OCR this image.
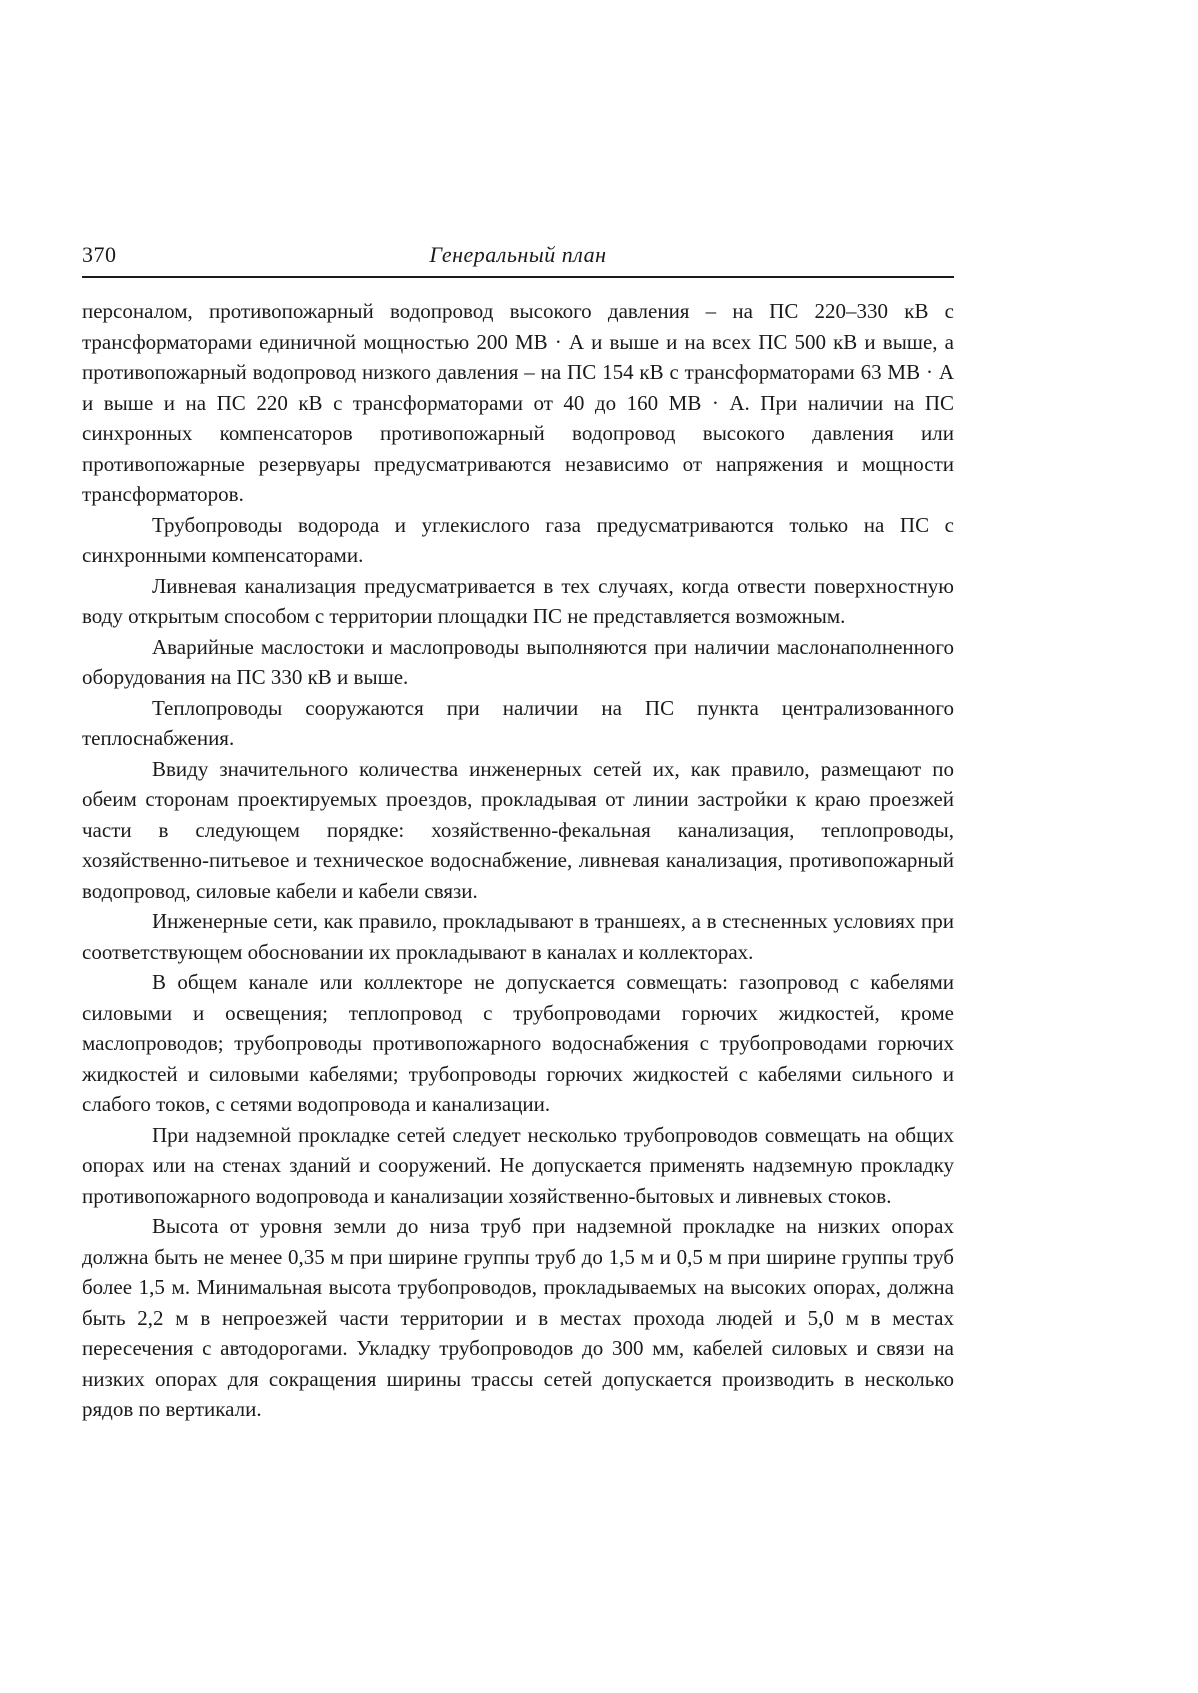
370	Генеральный план

персоналом, противопожарный водопровод высокого давления – на ПС 220–330 кВ с трансформаторами единичной мощностью 200 МВ · А и выше и на всех ПС 500 кВ и выше, а противопожарный водопровод низкого давления – на ПС 154 кВ с трансформаторами 63 МВ · А и выше и на ПС 220 кВ с трансформаторами от 40 до 160 МВ · А. При наличии на ПС синхронных компенсаторов противопожарный водопровод высокого давления или противопожарные резервуары предусматриваются независимо от напряжения и мощности трансформаторов.

Трубопроводы водорода и углекислого газа предусматриваются только на ПС с синхронными компенсаторами.

Ливневая канализация предусматривается в тех случаях, когда отвести поверхностную воду открытым способом с территории площадки ПС не представляется возможным.

Аварийные маслостоки и маслопроводы выполняются при наличии маслонаполненного оборудования на ПС 330 кВ и выше.

Теплопроводы сооружаются при наличии на ПС пункта централизованного теплоснабжения.

Ввиду значительного количества инженерных сетей их, как правило, размещают по обеим сторонам проектируемых проездов, прокладывая от линии застройки к краю проезжей части в следующем порядке: хозяйственно-фекальная канализация, теплопроводы, хозяйственно-питьевое и техническое водоснабжение, ливневая канализация, противопожарный водопровод, силовые кабели и кабели связи.

Инженерные сети, как правило, прокладывают в траншеях, а в стесненных условиях при соответствующем обосновании их прокладывают в каналах и коллекторах.

В общем канале или коллекторе не допускается совмещать: газопровод с кабелями силовыми и освещения; теплопровод с трубопроводами горючих жидкостей, кроме маслопроводов; трубопроводы противопожарного водоснабжения с трубопроводами горючих жидкостей и силовыми кабелями; трубопроводы горючих жидкостей с кабелями сильного и слабого токов, с сетями водопровода и канализации.

При надземной прокладке сетей следует несколько трубопроводов совмещать на общих опорах или на стенах зданий и сооружений. Не допускается применять надземную прокладку противопожарного водопровода и канализации хозяйственно-бытовых и ливневых стоков.

Высота от уровня земли до низа труб при надземной прокладке на низких опорах должна быть не менее 0,35 м при ширине группы труб до 1,5 м и 0,5 м при ширине группы труб более 1,5 м. Минимальная высота трубопроводов, прокладываемых на высоких опорах, должна быть 2,2 м в непроезжей части территории и в местах прохода людей и 5,0 м в местах пересечения с автодорогами. Укладку трубопроводов до 300 мм, кабелей силовых и связи на низких опорах для сокращения ширины трассы сетей допускается производить в несколько рядов по вертикали.
